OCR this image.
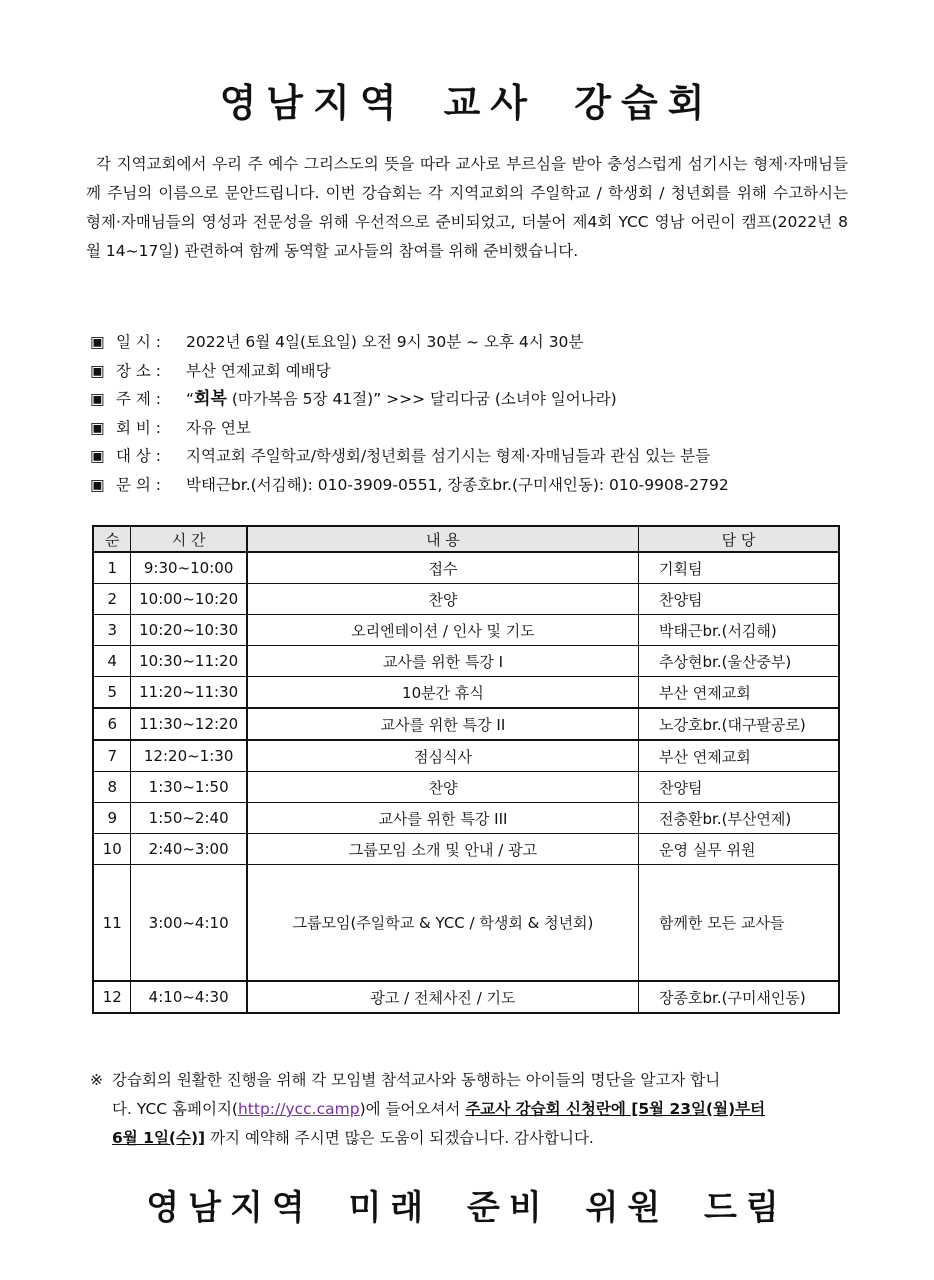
영남지역 교사 강습회
각 지역교회에서 우리 주 예수 그리스도의 뜻을 따라 교사로 부르심을 받아 충성스럽게 섬기시는 형제·자매님들께 주님의 이름으로 문안드립니다. 이번 강습회는 각 지역교회의 주일학교 / 학생회 / 청년회를 위해 수고하시는 형제·자매님들의 영성과 전문성을 위해 우선적으로 준비되었고, 더불어 제4회 YCC 영남 어린이 캠프(2022년 8월 14~17일) 관련하여 함께 동역할 교사들의 참여를 위해 준비했습니다.
▣ 일 시 : 2022년 6월 4일(토요일) 오전 9시 30분 ~ 오후 4시 30분
▣ 장 소 : 부산 연제교회 예배당
▣ 주 제 : “회복 (마가복음 5장 41절)” >>> 달리다굼 (소녀야 일어나라)
▣ 회 비 : 자유 연보
▣ 대 상 : 지역교회 주일학교/학생회/청년회를 섬기시는 형제·자매님들과 관심 있는 분들
▣ 문 의 : 박태근br.(서김해): 010-3909-0551, 장종호br.(구미새인동): 010-9908-2792
순	시 간	내 용	담 당
1	9:30~10:00	접수	기획팀
2	10:00~10:20	찬양	찬양팀
3	10:20~10:30	오리엔테이션 / 인사 및 기도	박태근br.(서김해)
4	10:30~11:20	교사를 위한 특강 I	추상현br.(울산중부)
5	11:20~11:30	10분간 휴식	부산 연제교회
6	11:30~12:20	교사를 위한 특강 II	노강호br.(대구팔공로)
7	12:20~1:30	점심식사	부산 연제교회
8	1:30~1:50	찬양	찬양팀
9	1:50~2:40	교사를 위한 특강 III	전충환br.(부산연제)
10	2:40~3:00	그룹모임 소개 및 안내 / 광고	운영 실무 위원
11	3:00~4:10	그룹모임(주일학교 & YCC / 학생회 & 청년회)	함께한 모든 교사들
12	4:10~4:30	광고 / 전체사진 / 기도	장종호br.(구미새인동)
※ 강습회의 원활한 진행을 위해 각 모임별 참석교사와 동행하는 아이들의 명단을 알고자 합니
다. YCC 홈페이지(http://ycc.camp)에 들어오셔서 주교사 강습회 신청란에 [5월 23일(월)부터
6월 1일(수)] 까지 예약해 주시면 많은 도움이 되겠습니다. 감사합니다.
영남지역 미래 준비 위원 드림
